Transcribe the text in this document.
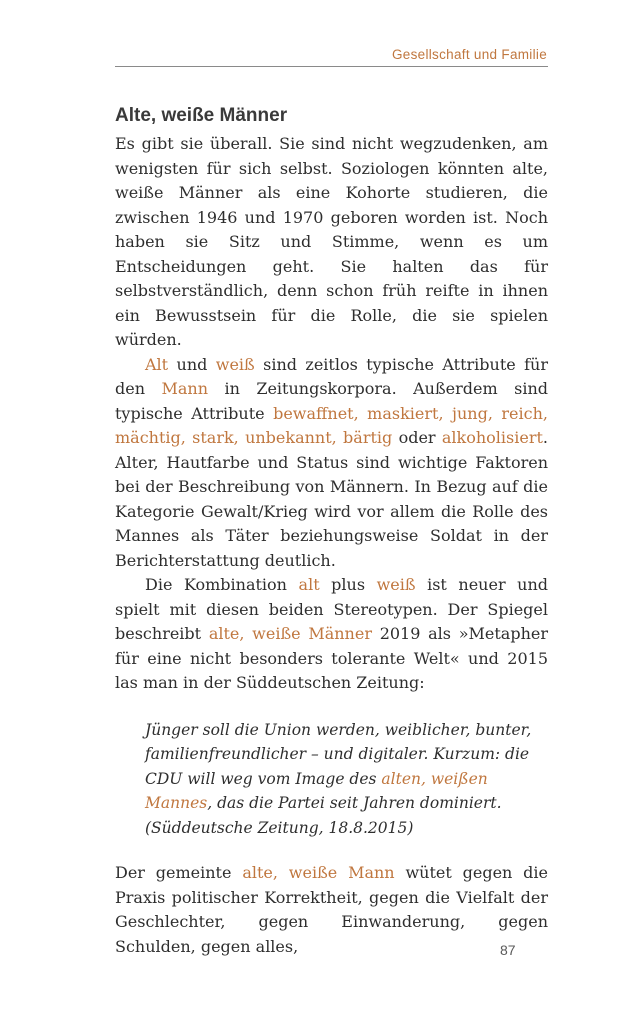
Gesellschaft und Familie
Alte, weiße Männer

Es gibt sie überall. Sie sind nicht wegzudenken, am wenigsten für sich selbst. Soziologen könnten alte, weiße Männer als eine Kohorte studieren, die zwischen 1946 und 1970 geboren worden ist. Noch haben sie Sitz und Stimme, wenn es um Entscheidungen geht. Sie halten das für selbstverständlich, denn schon früh reifte in ihnen ein Bewusstsein für die Rolle, die sie spielen würden.

Alt und weiß sind zeitlos typische Attribute für den Mann in Zeitungskorpora. Außerdem sind typische Attribute bewaffnet, maskiert, jung, reich, mächtig, stark, unbekannt, bärtig oder alkoholisiert. Alter, Hautfarbe und Status sind wichtige Faktoren bei der Beschreibung von Männern. In Bezug auf die Kategorie Gewalt/Krieg wird vor allem die Rolle des Mannes als Täter beziehungsweise Soldat in der Berichterstattung deutlich.

Die Kombination alt plus weiß ist neuer und spielt mit diesen beiden Stereotypen. Der Spiegel beschreibt alte, weiße Männer 2019 als »Metapher für eine nicht besonders tolerante Welt« und 2015 las man in der Süddeutschen Zeitung:

Jünger soll die Union werden, weiblicher, bunter, familienfreundlicher – und digitaler. Kurzum: die CDU will weg vom Image des alten, weißen Mannes, das die Partei seit Jahren dominiert. (Süddeutsche Zeitung, 18.8.2015)

Der gemeinte alte, weiße Mann wütet gegen die Praxis politischer Korrektheit, gegen die Vielfalt der Geschlechter, gegen Einwanderung, gegen Schulden, gegen alles,	87
